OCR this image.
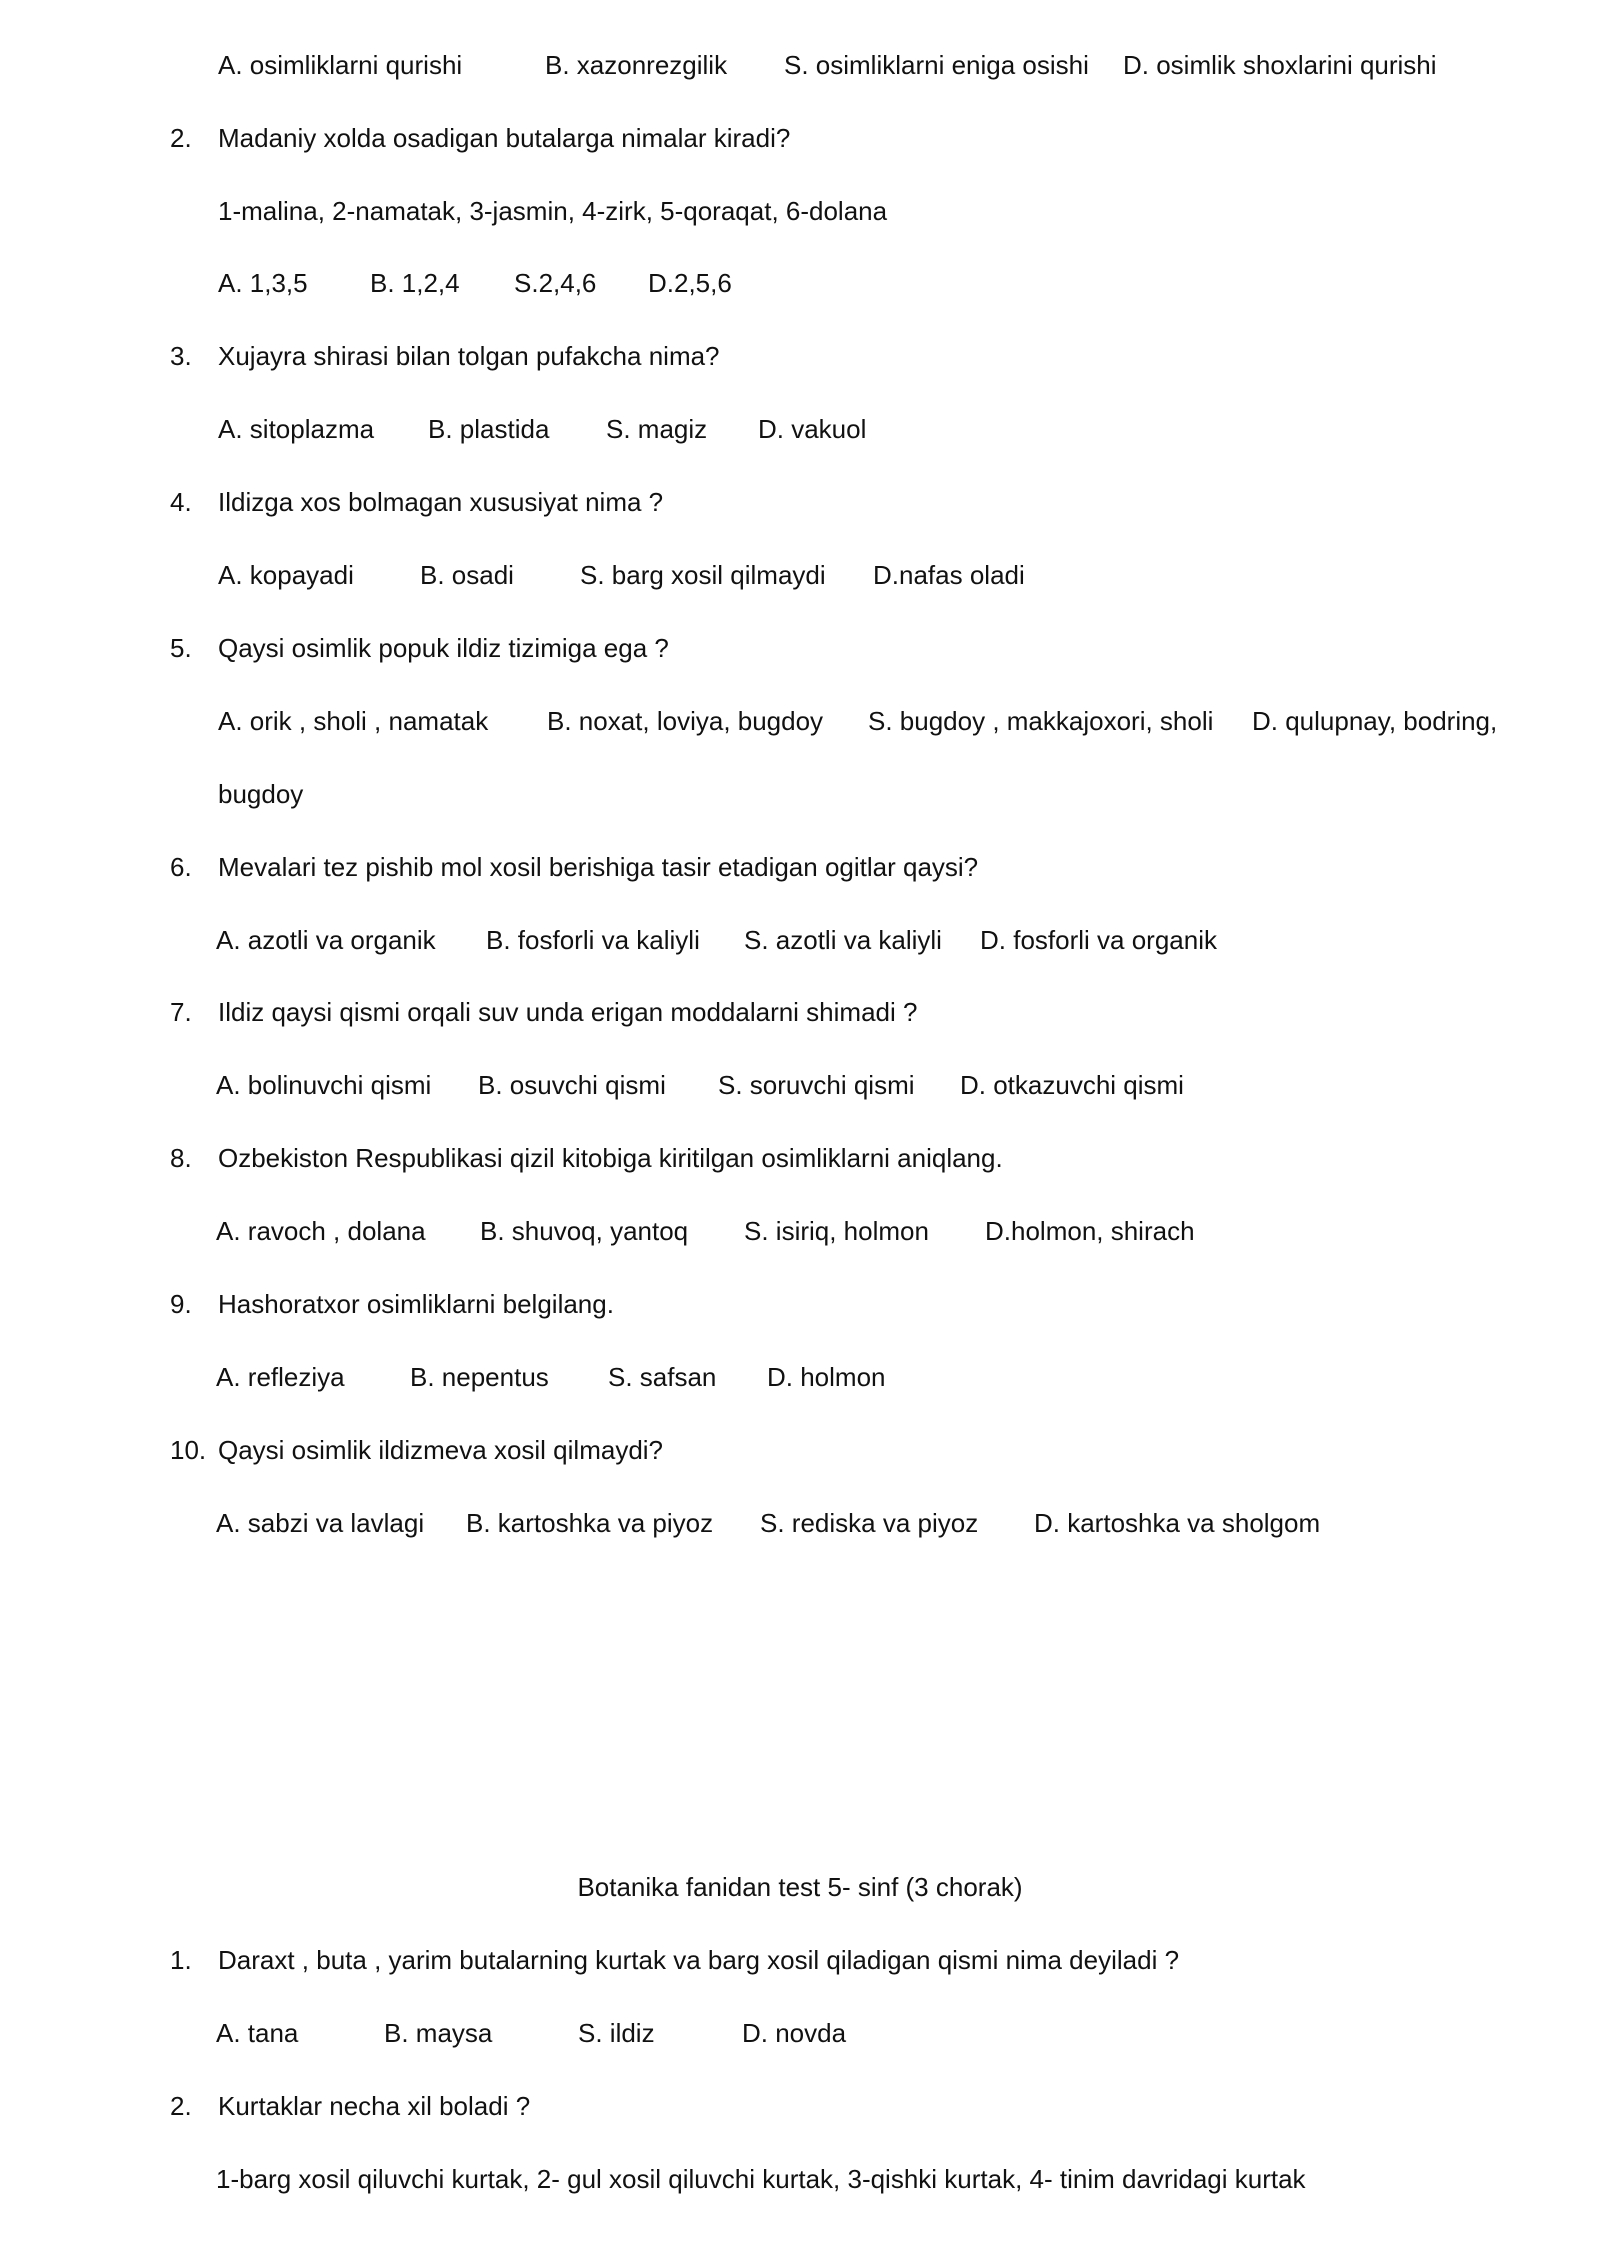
A. osimliklarni qurishi	B. xazonrezgilik S. osimliklarni eniga osishi D. osimlik shoxlarini qurishi
2. Madaniy xolda osadigan butalarga nimalar kiradi?
1-malina, 2-namatak, 3-jasmin, 4-zirk, 5-qoraqat, 6-dolana
A. 1,3,5 B. 1,2,4 S.2,4,6 D.2,5,6
3. Xujayra shirasi bilan tolgan pufakcha nima?
A. sitoplazma B. plastida S. magiz D. vakuol
4. Ildizga xos bolmagan xususiyat nima ?
A. kopayadi	B. osadi	S. barg xosil qilmaydi D.nafas oladi
5. Qaysi osimlik popuk ildiz tizimiga ega ?
A. orik , sholi , namatak B. noxat, loviya, bugdoy S. bugdoy , makkajoxori, sholi D. qulupnay, bodring,
bugdoy
6. Mevalari tez pishib mol xosil berishiga tasir etadigan ogitlar qaysi?
A. azotli va organik B. fosforli va kaliyli S. azotli va kaliyli D. fosforli va organik
7. Ildiz qaysi qismi orqali suv unda erigan moddalarni shimadi ?
A. bolinuvchi qismi B. osuvchi qismi S. soruvchi qismi D. otkazuvchi qismi
8. Ozbekiston Respublikasi qizil kitobiga kiritilgan osimliklarni aniqlang.
A. ravoch , dolana B. shuvoq, yantoq S. isiriq, holmon D.holmon, shirach
9. Hashoratxor osimliklarni belgilang.
A. refleziya	B. nepentus S. safsan D. holmon
10. Qaysi osimlik ildizmeva xosil qilmaydi?
A. sabzi va lavlagi B. kartoshka va piyoz S. rediska va piyoz D. kartoshka va sholgom
Botanika fanidan test 5- sinf (3 chorak)
1. Daraxt , buta , yarim butalarning kurtak va barg xosil qiladigan qismi nima deyiladi ?
A. tana	B. maysa	S. ildiz	D. novda
2. Kurtaklar necha xil boladi ?
1-barg xosil qiluvchi kurtak, 2- gul xosil qiluvchi kurtak, 3-qishki kurtak, 4- tinim davridagi kurtak
